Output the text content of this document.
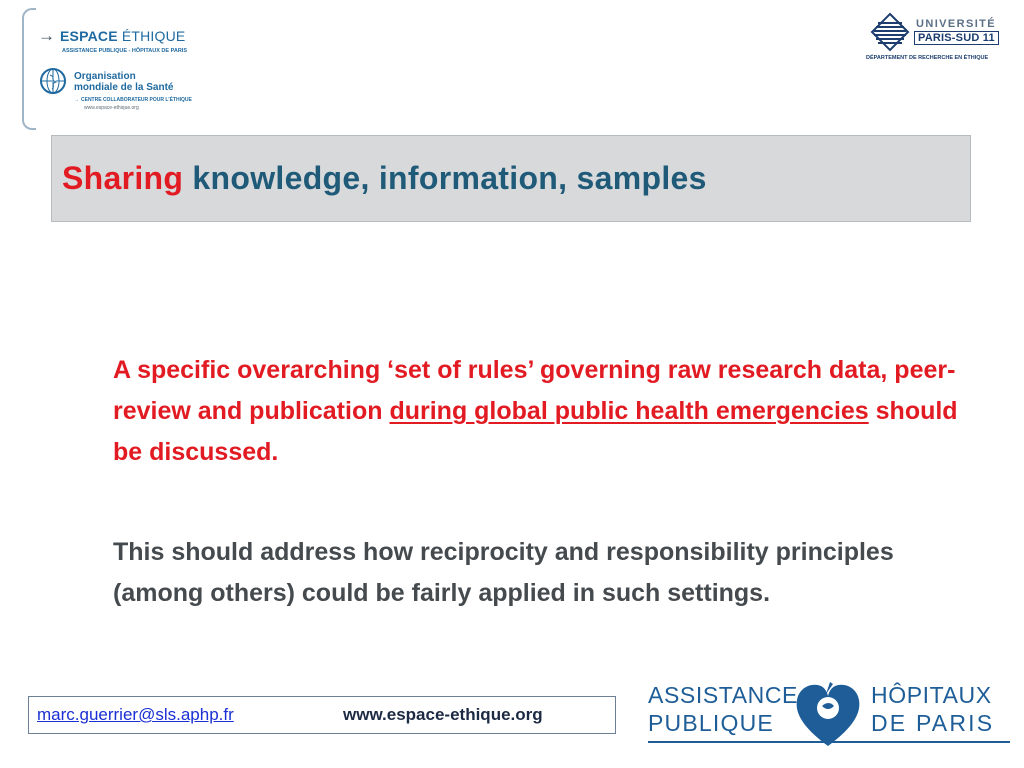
→ ESPACE ÉTHIQUE
ASSISTANCE PUBLIQUE - HÔPITAUX DE PARIS
Organisation
mondiale de la Santé
→ CENTRE COLLABORATEUR POUR L'ÉTHIQUE
www.espace-ethique.org
UNIVERSITÉ
PARIS-SUD 11
DÉPARTEMENT DE RECHERCHE EN ÉTHIQUE
Sharing knowledge, information, samples

A specific overarching ‘set of rules’ governing raw research data, peer-review and publication during global public health emergencies should be discussed.

This should address how reciprocity and responsibility principles (among others) could be fairly applied in such settings.

marc.guerrier@sls.aphp.fr	www.espace-ethique.org
ASSISTANCE
PUBLIQUE
HÔPITAUX
DE PARIS
